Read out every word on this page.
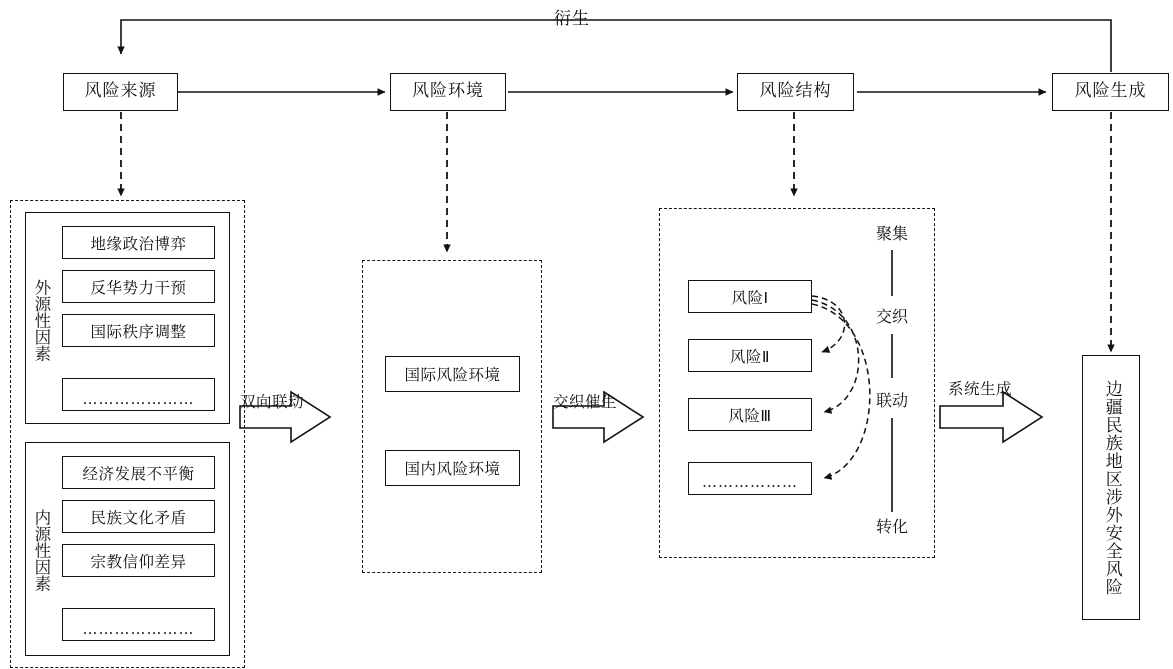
衍生
风险来源	风险环境	风险结构	风险生成
外源性因素
地缘政治博弈
反华势力干预
国际秩序调整
…………………
内源性因素
经济发展不平衡
民族文化矛盾
宗教信仰差异
…………………
国际风险环境
国内风险环境
风险Ⅰ
风险Ⅱ
风险Ⅲ
………………
聚集
交织
联动
转化	边疆民族地区涉外安全风险
双向联动	交织催生
系统生成
